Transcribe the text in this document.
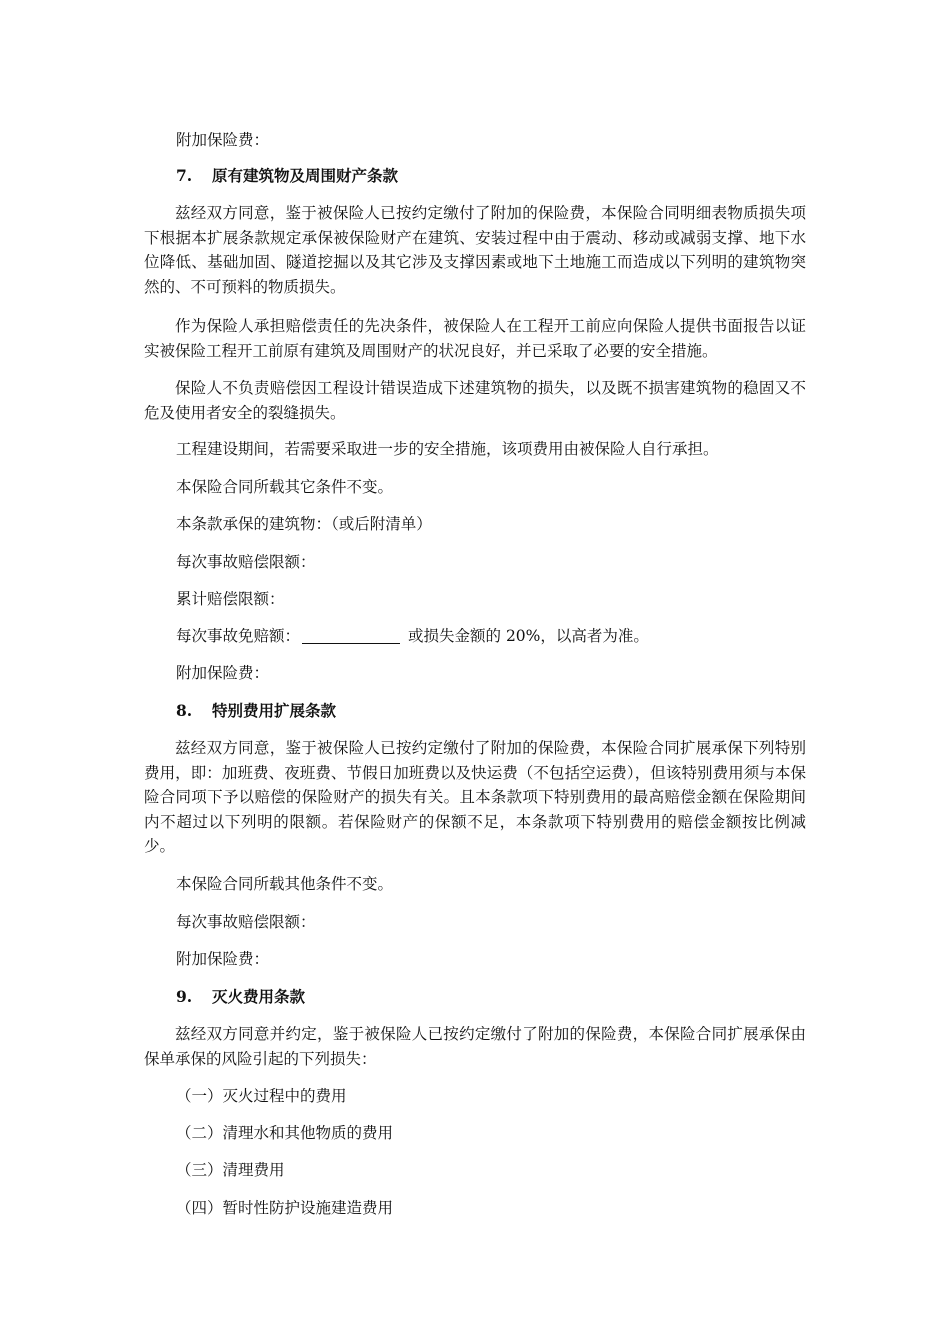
附加保险费：

7. 原有建筑物及周围财产条款

兹经双方同意，鉴于被保险人已按约定缴付了附加的保险费，本保险合同明细表物质损失项下根据本扩展条款规定承保被保险财产在建筑、安装过程中由于震动、移动或减弱支撑、地下水位降低、基础加固、隧道挖掘以及其它涉及支撑因素或地下土地施工而造成以下列明的建筑物突然的、不可预料的物质损失。

作为保险人承担赔偿责任的先决条件，被保险人在工程开工前应向保险人提供书面报告以证实被保险工程开工前原有建筑及周围财产的状况良好，并已采取了必要的安全措施。

保险人不负责赔偿因工程设计错误造成下述建筑物的损失，以及既不损害建筑物的稳固又不危及使用者安全的裂缝损失。

工程建设期间，若需要采取进一步的安全措施，该项费用由被保险人自行承担。

本保险合同所载其它条件不变。

本条款承保的建筑物：（或后附清单）

每次事故赔偿限额：

累计赔偿限额：

每次事故免赔额：	或损失金额的 20%，以高者为准。

附加保险费：

8. 特别费用扩展条款

兹经双方同意，鉴于被保险人已按约定缴付了附加的保险费，本保险合同扩展承保下列特别费用，即：加班费、夜班费、节假日加班费以及快运费（不包括空运费），但该特别费用须与本保险合同项下予以赔偿的保险财产的损失有关。且本条款项下特别费用的最高赔偿金额在保险期间内不超过以下列明的限额。若保险财产的保额不足，本条款项下特别费用的赔偿金额按比例减少。

本保险合同所载其他条件不变。

每次事故赔偿限额：

附加保险费：

9. 灭火费用条款

兹经双方同意并约定，鉴于被保险人已按约定缴付了附加的保险费，本保险合同扩展承保由保单承保的风险引起的下列损失：

（一）灭火过程中的费用

（二）清理水和其他物质的费用

（三）清理费用

（四）暂时性防护设施建造费用
